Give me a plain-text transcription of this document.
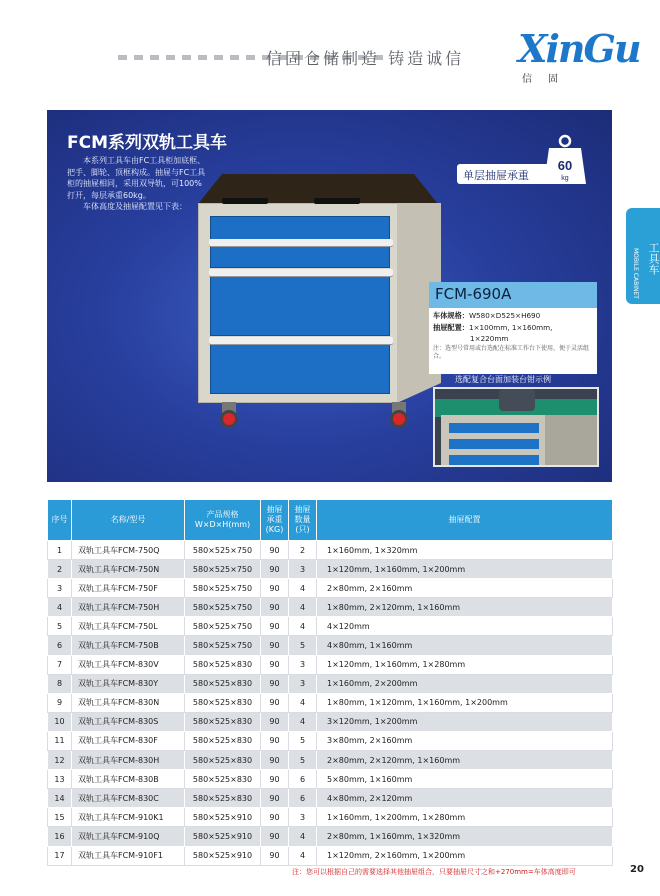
信固仓储制造 铸造诚信 XinGu
信固
工具车
MOBILE CABINET
FCM系列双轨工具车

本系列工具车由FC工具柜加底框、把手、脚轮、顶框构成。抽屉与FC工具柜的抽屉相同，采用双导轨，可100%打开，每层承重60kg。

车体高度及抽屉配置见下表：

单层抽屉承重
60
kg
FCM-690A
车体规格：W580×D525×H690
抽屉配置：1×100mm, 1×160mm,
1×220mm
注：选型号常用或台选配在标准工作台下使用，便于灵活组合。
选配复合台面加装台钳示例
序号	名称/型号	产品规格
W×D×H(mm)	抽屉
承重
(KG)	抽屉
数量
(只)	抽屉配置
1	双轨工具车FCM-750Q	580×525×750	90	2	1×160mm, 1×320mm
2	双轨工具车FCM-750N	580×525×750	90	3	1×120mm, 1×160mm, 1×200mm
3	双轨工具车FCM-750F	580×525×750	90	4	2×80mm, 2×160mm
4	双轨工具车FCM-750H	580×525×750	90	4	1×80mm, 2×120mm, 1×160mm
5	双轨工具车FCM-750L	580×525×750	90	4	4×120mm
6	双轨工具车FCM-750B	580×525×750	90	5	4×80mm, 1×160mm
7	双轨工具车FCM-830V	580×525×830	90	3	1×120mm, 1×160mm, 1×280mm
8	双轨工具车FCM-830Y	580×525×830	90	3	1×160mm, 2×200mm
9	双轨工具车FCM-830N	580×525×830	90	4	1×80mm, 1×120mm, 1×160mm, 1×200mm
10	双轨工具车FCM-830S	580×525×830	90	4	3×120mm, 1×200mm
11	双轨工具车FCM-830F	580×525×830	90	5	3×80mm, 2×160mm
12	双轨工具车FCM-830H	580×525×830	90	5	2×80mm, 2×120mm, 1×160mm
13	双轨工具车FCM-830B	580×525×830	90	6	5×80mm, 1×160mm
14	双轨工具车FCM-830C	580×525×830	90	6	4×80mm, 2×120mm
15	双轨工具车FCM-910K1	580×525×910	90	3	1×160mm, 1×200mm, 1×280mm
16	双轨工具车FCM-910Q	580×525×910	90	4	2×80mm, 1×160mm, 1×320mm
17	双轨工具车FCM-910F1	580×525×910	90	4	1×120mm, 2×160mm, 1×200mm
注：您可以根据自己的需要选择其他抽屉组合，只要抽屉尺寸之和+270mm=车体高度即可	20
